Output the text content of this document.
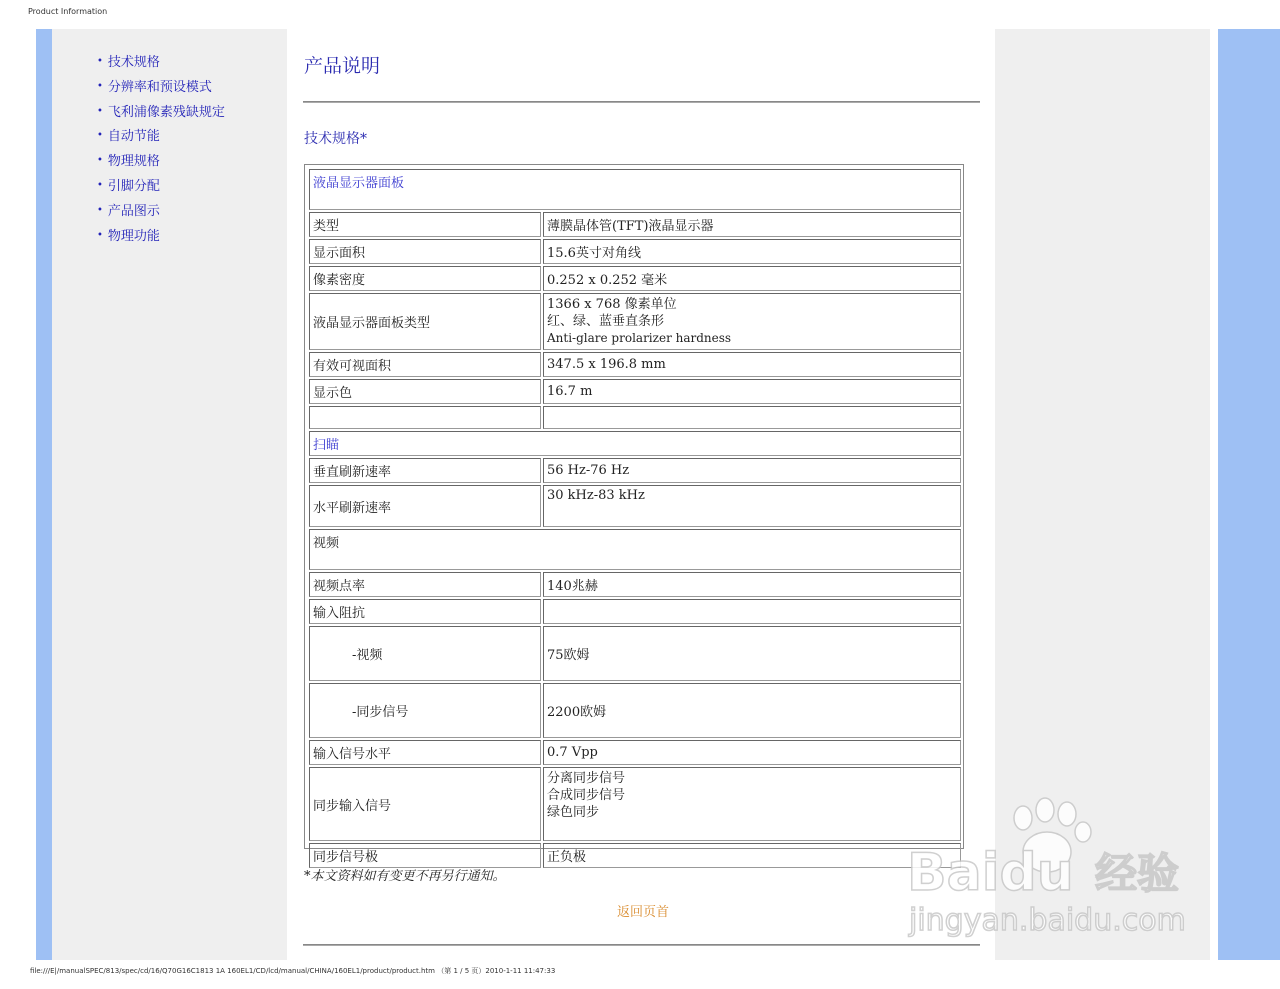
Product Information
• 技术规格
• 分辨率和预设模式
• 飞利浦像素残缺规定
• 自动节能
• 物理规格
• 引脚分配
• 产品图示
• 物理功能
产品说明
技术规格*
液晶显示器面板	
类型	薄膜晶体管(TFT)液晶显示器
显示面积	15.6英寸对角线
像素密度	0.252 x 0.252 毫米
液晶显示器面板类型	1366 x 768 像素单位
红、绿、蓝垂直条形
Anti-glare prolarizer hardness

有效可视面积	347.5 x 196.8 mm
显示色	16.7 m

扫瞄	
垂直刷新速率	56 Hz-76 Hz
水平刷新速率	30 kHz-83 kHz
视频	
视频点率	140兆赫
输入阻抗	
-视频	75欧姆
-同步信号	2200欧姆
输入信号水平	0.7 Vpp
同步输入信号	分离同步信号
合成同步信号
绿色同步

同步信号极	正负极
*本文资料如有变更不再另行通知。
返回页首
Baidu 经验
jingyan.baidu.com
file:///E|/manualSPEC/813/spec/cd/16/Q70G16C1813 1A 160EL1/CD/lcd/manual/CHINA/160EL1/product/product.htm （第 1 / 5 页）2010-1-11 11:47:33
